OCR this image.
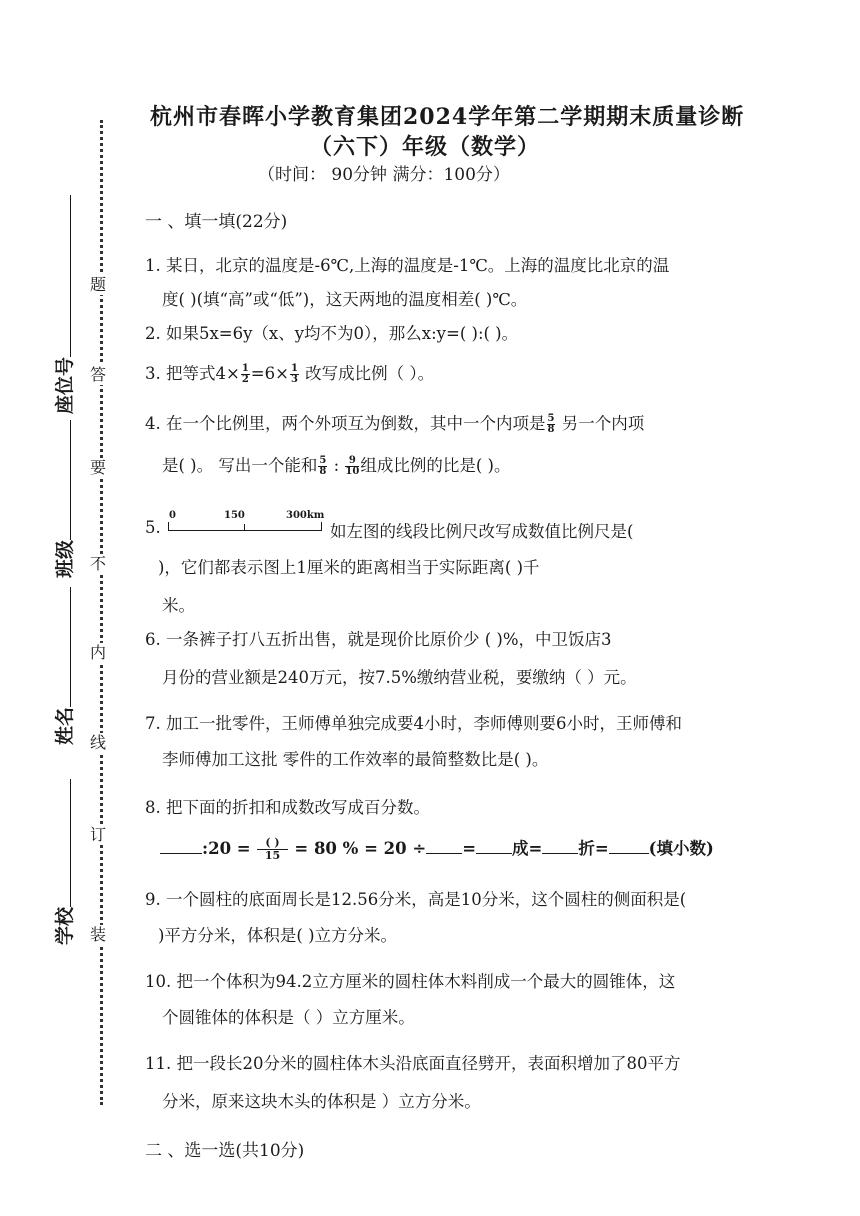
装
订
线
内
不
要
答
题
学校
姓名
班级
座位号
杭州市春晖小学教育集团2024学年第二学期期末质量诊断
（六下）年级（数学）
（时间： 90分钟 满分：100分）
一 、填一填(22分)
1. 某日，北京的温度是-6℃,上海的温度是-1℃。上海的温度比北京的温
度( )(填“高”或“低”)，这天两地的温度相差( )℃。
2. 如果5x=6y（x、y均不为0），那么x:y=( ):( )。
3. 把等式$4\times \frac{1}{2} =6\times \frac{1}{3}$ 改写成比例（ ）。
4. 在一个比例里，两个外项互为倒数，其中一个内项是 $\frac{5}{8}$ 另一个内项
是( )。 写出一个能和 $\frac{5}{8}$ : $\frac{9}{10}$ 组成比例的比是( )。
5.
0	150	300km
如左图的线段比例尺改写成数值比例尺是(
)，它们都表示图上1厘米的距离相当于实际距离( )千
米。
6. 一条裤子打八五折出售，就是现价比原价少 ( )%，中卫饭店3
月份的营业额是240万元，按7.5%缴纳营业税，要缴纳（ ）元。
7. 加工一批零件，王师傅单独完成要4小时，李师傅则要6小时，王师傅和
李师傅加工这批 零件的工作效率的最简整数比是( )。
8. 把下面的折扣和成数改写成百分数。
:20 = $\frac{( )}{15} = 80$ % = 20 ÷ = 成= 折= (填小数)
9. 一个圆柱的底面周长是12.56分米，高是10分米，这个圆柱的侧面积是(
)平方分米，体积是( )立方分米。
10. 把一个体积为94.2立方厘米的圆柱体木料削成一个最大的圆锥体，这
个圆锥体的体积是（ ）立方厘米。
11. 把一段长20分米的圆柱体木头沿底面直径劈开，表面积增加了80平方
分米，原来这块木头的体积是 ）立方分米。
二 、选一选(共10分)
